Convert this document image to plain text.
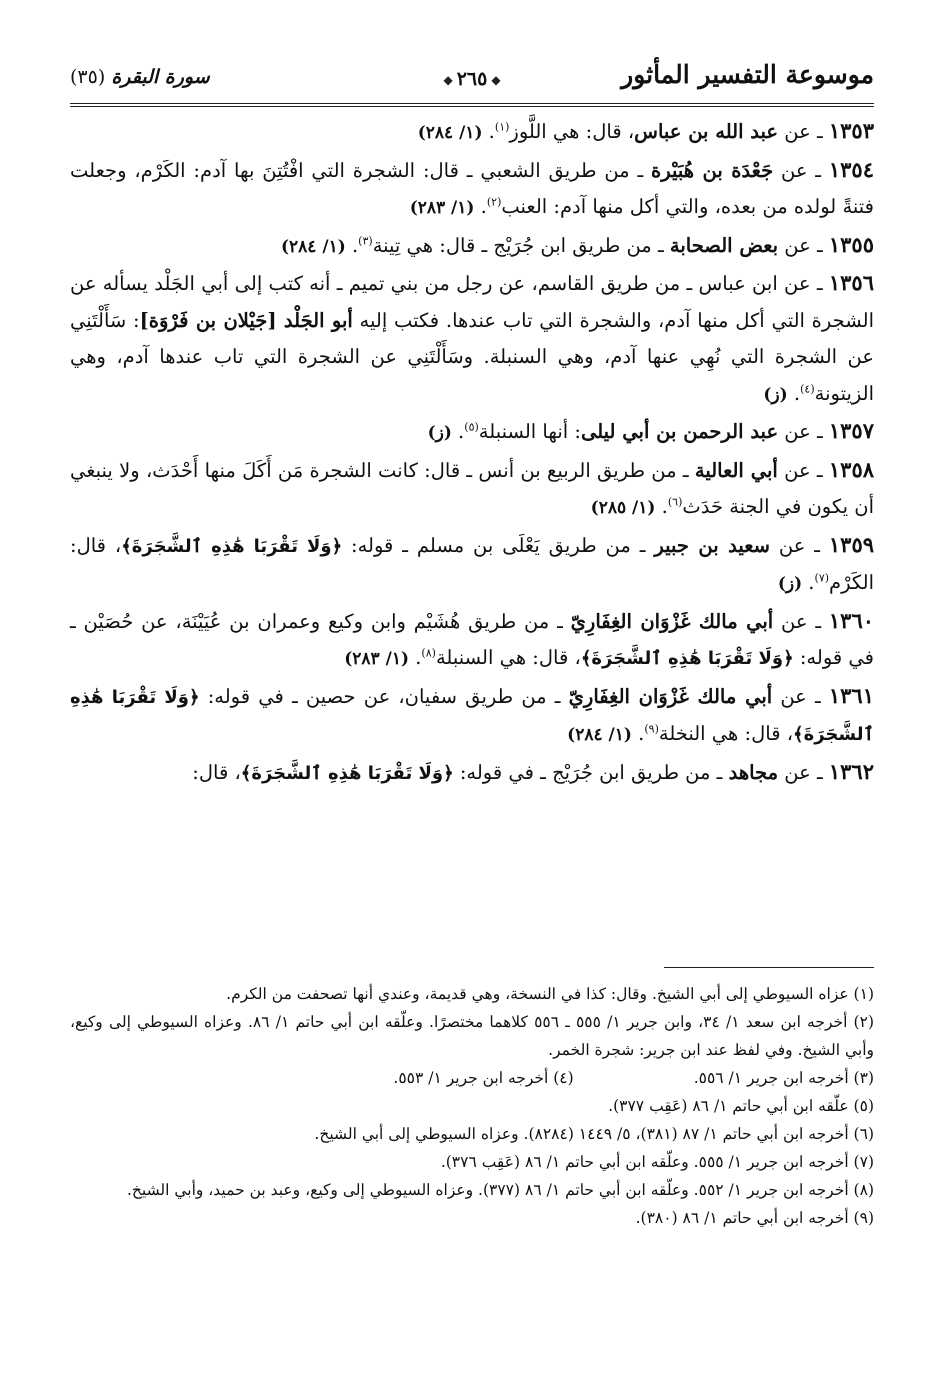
موسوعة التفسير المأثور
◆٢٦٥◆
سورة البقرة (٣٥)

١٣٥٣ ـ عن عبد الله بن عباس، قال: هي اللَّوز$^{(١)}$. (١/ ٢٨٤)

١٣٥٤ ـ عن جَعْدَة بن هُبَيْرة ـ من طريق الشعبي ـ قال: الشجرة التي افْتُتِنَ بها آدم: الكَرْم، وجعلت فتنةً لولده من بعده، والتي أكل منها آدم: العنب$^{(٢)}$. (١/ ٢٨٣)

١٣٥٥ ـ عن بعض الصحابة ـ من طريق ابن جُرَيْج ـ قال: هي تِينة$^{(٣)}$. (١/ ٢٨٤)

١٣٥٦ ـ عن ابن عباس ـ من طريق القاسم، عن رجل من بني تميم ـ أنه كتب إلى أبي الجَلْد يسأله عن الشجرة التي أكل منها آدم، والشجرة التي تاب عندها. فكتب إليه أبو الجَلْد [جَيْلان بن فَرْوَة]: سَأَلْتَنِي عن الشجرة التي نُهِي عنها آدم، وهي السنبلة. وسَأَلْتَنِي عن الشجرة التي تاب عندها آدم، وهي الزيتونة$^{(٤)}$. (ز)

١٣٥٧ ـ عن عبد الرحمن بن أبي ليلى: أنها السنبلة$^{(٥)}$. (ز)

١٣٥٨ ـ عن أبي العالية ـ من طريق الربيع بن أنس ـ قال: كانت الشجرة مَن أَكَلَ منها أَحْدَث، ولا ينبغي أن يكون في الجنة حَدَث$^{(٦)}$. (١/ ٢٨٥)

١٣٥٩ ـ عن سعيد بن جبير ـ من طريق يَعْلَى بن مسلم ـ قوله: ﴿وَلَا تَقْرَبَا هَٰذِهِ ٱلشَّجَرَةَ﴾، قال: الكَرْم$^{(٧)}$. (ز)

١٣٦٠ ـ عن أبي مالك غَزْوَان الغِفَارِيّ ـ من طريق هُشَيْم وابن وكيع وعمران بن عُيَيْنَة، عن حُصَيْن ـ في قوله: ﴿وَلَا تَقْرَبَا هَٰذِهِ ٱلشَّجَرَةَ﴾، قال: هي السنبلة$^{(٨)}$. (١/ ٢٨٣)

١٣٦١ ـ عن أبي مالك غَزْوَان الغِفَارِيّ ـ من طريق سفيان، عن حصين ـ في قوله: ﴿وَلَا تَقْرَبَا هَٰذِهِ ٱلشَّجَرَةَ﴾، قال: هي النخلة$^{(٩)}$. (١/ ٢٨٤)

١٣٦٢ ـ عن مجاهد ـ من طريق ابن جُرَيْج ـ في قوله: ﴿وَلَا تَقْرَبَا هَٰذِهِ ٱلشَّجَرَةَ﴾، قال:

(١) عزاه السيوطي إلى أبي الشيخ. وقال: كذا في النسخة، وهي قديمة، وعندي أنها تصحفت من الكرم.

(٢) أخرجه ابن سعد ١/ ٣٤، وابن جرير ١/ ٥٥٥ ـ ٥٥٦ كلاهما مختصرًا. وعلّقه ابن أبي حاتم ١/ ٨٦. وعزاه السيوطي إلى وكيع، وأبي الشيخ. وفي لفظ عند ابن جرير: شجرة الخمر.

(٣) أخرجه ابن جرير ١/ ٥٥٦.
(٤) أخرجه ابن جرير ١/ ٥٥٣.

(٥) علّقه ابن أبي حاتم ١/ ٨٦ (عَقِب ٣٧٧).

(٦) أخرجه ابن أبي حاتم ١/ ٨٧ (٣٨١)، ٥/ ١٤٤٩ (٨٢٨٤). وعزاه السيوطي إلى أبي الشيخ.

(٧) أخرجه ابن جرير ١/ ٥٥٥. وعلّقه ابن أبي حاتم ١/ ٨٦ (عَقِب ٣٧٦).

(٨) أخرجه ابن جرير ١/ ٥٥٢. وعلّقه ابن أبي حاتم ١/ ٨٦ (٣٧٧). وعزاه السيوطي إلى وكيع، وعبد بن حميد، وأبي الشيخ.

(٩) أخرجه ابن أبي حاتم ١/ ٨٦ (٣٨٠).
